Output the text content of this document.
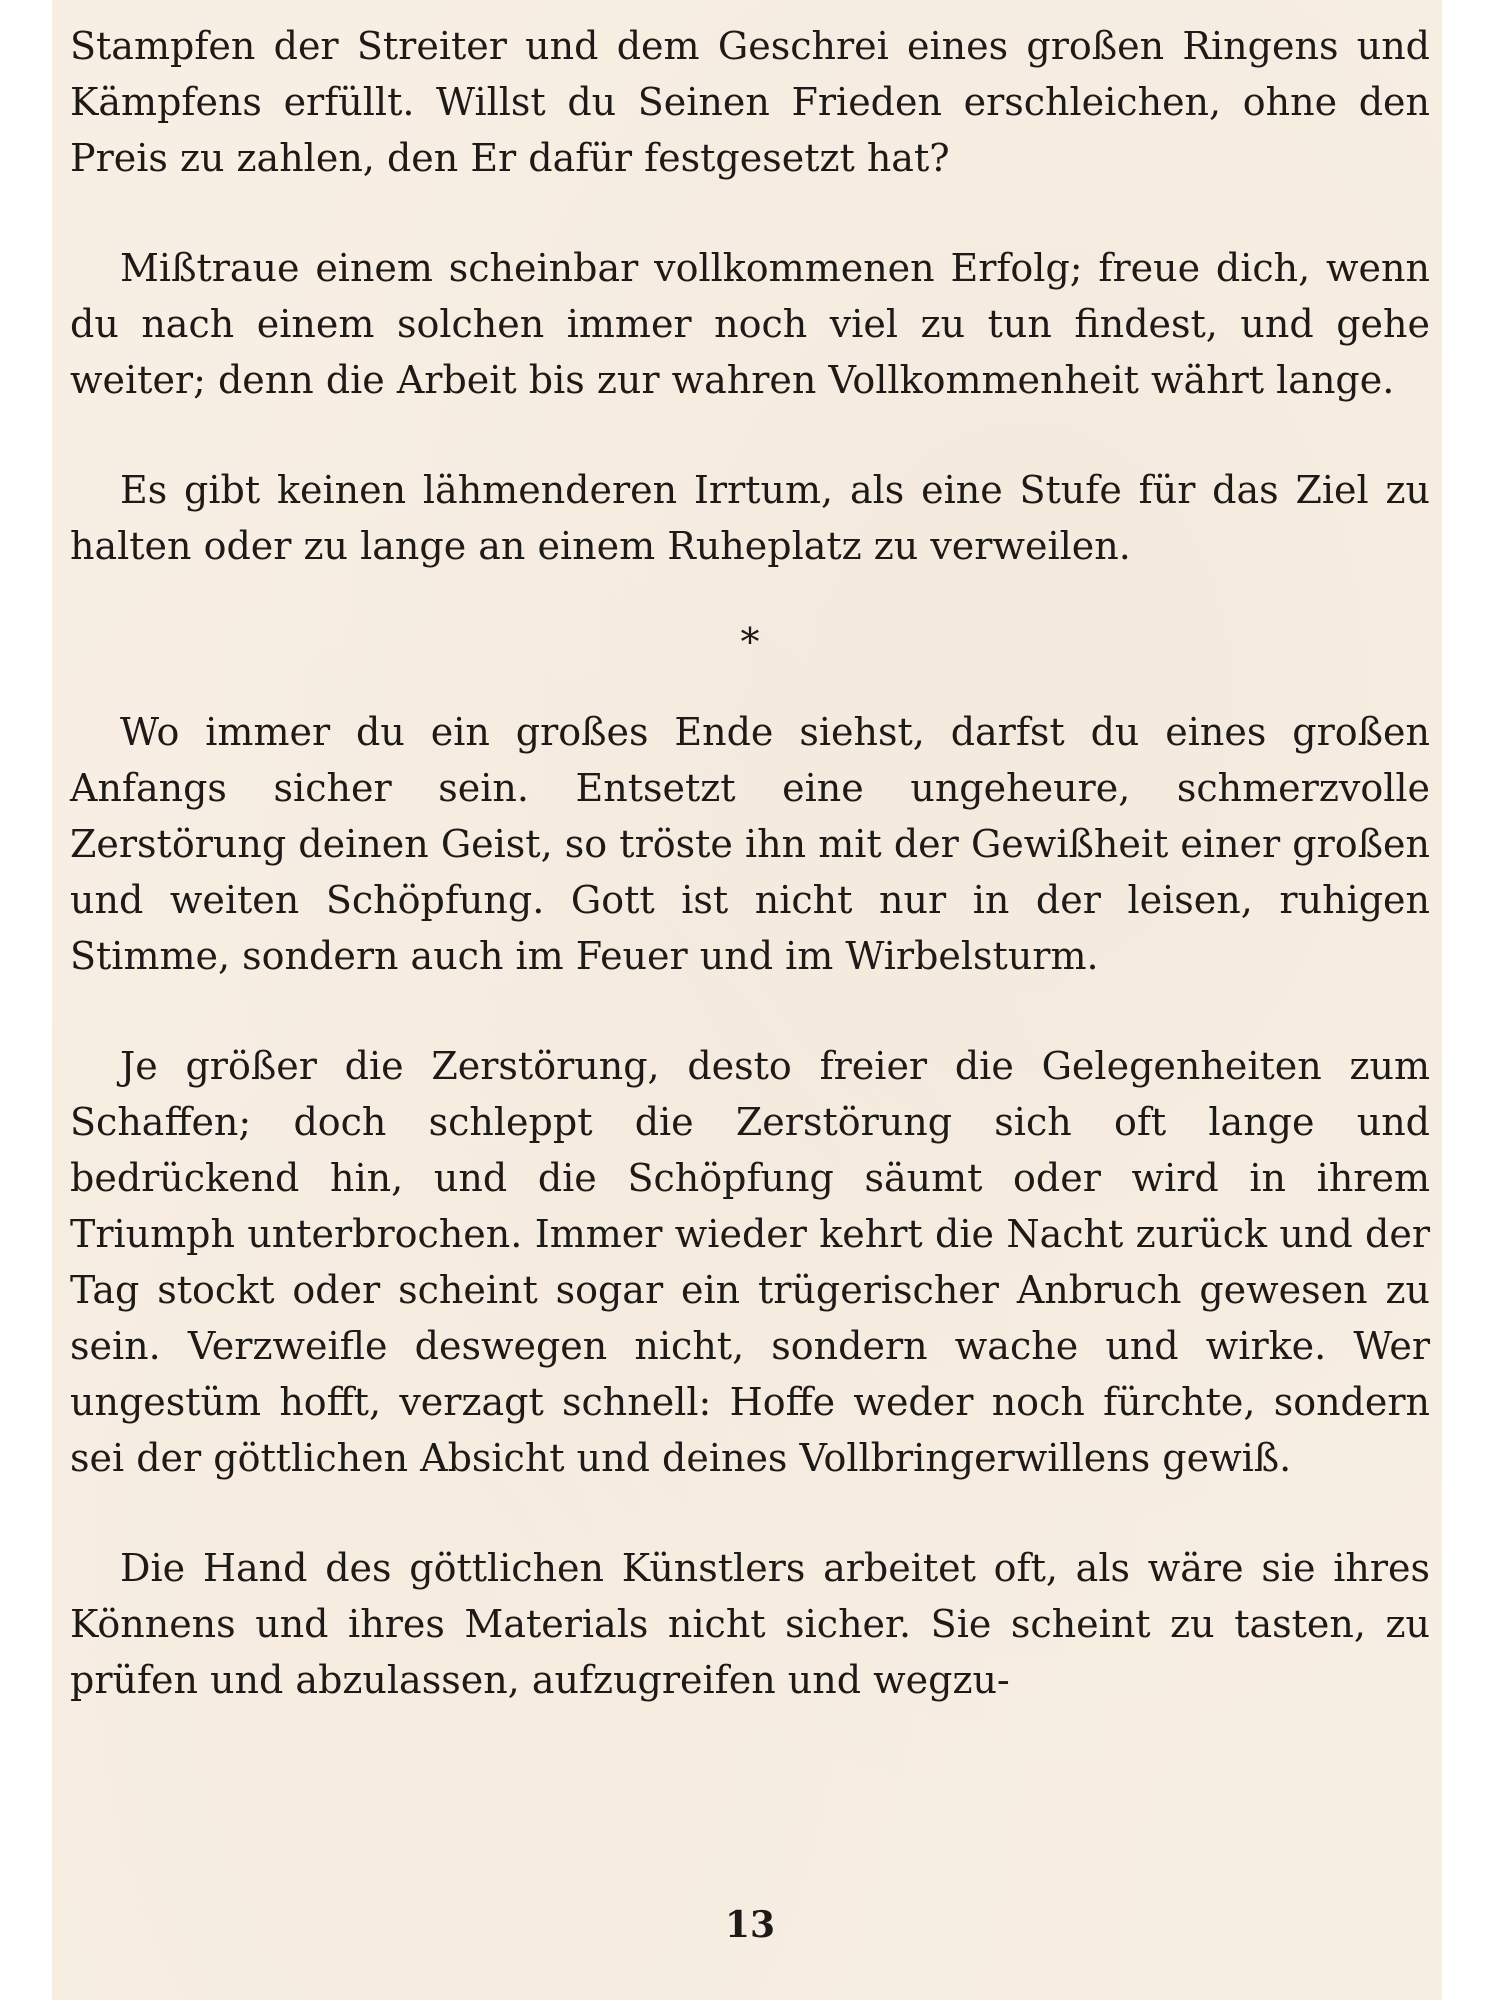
Stampfen der Streiter und dem Geschrei eines großen Ringens und Kämpfens erfüllt. Willst du Seinen Frieden erschleichen, ohne den Preis zu zahlen, den Er dafür festgesetzt hat?

Mißtraue einem scheinbar vollkommenen Erfolg; freue dich, wenn du nach einem solchen immer noch viel zu tun findest, und gehe weiter; denn die Arbeit bis zur wahren Vollkommenheit währt lange.

Es gibt keinen lähmenderen Irrtum, als eine Stufe für das Ziel zu halten oder zu lange an einem Ruheplatz zu verweilen.

*

Wo immer du ein großes Ende siehst, darfst du eines großen Anfangs sicher sein. Entsetzt eine ungeheure, schmerzvolle Zerstörung deinen Geist, so tröste ihn mit der Gewißheit einer großen und weiten Schöpfung. Gott ist nicht nur in der leisen, ruhigen Stimme, sondern auch im Feuer und im Wirbelsturm.

Je größer die Zerstörung, desto freier die Gelegenheiten zum Schaffen; doch schleppt die Zerstörung sich oft lange und bedrückend hin, und die Schöpfung säumt oder wird in ihrem Triumph unterbrochen. Immer wieder kehrt die Nacht zurück und der Tag stockt oder scheint sogar ein trügerischer Anbruch gewesen zu sein. Verzweifle deswegen nicht, sondern wache und wirke. Wer ungestüm hofft, verzagt schnell: Hoffe weder noch fürchte, sondern sei der göttlichen Absicht und deines Vollbringerwillens gewiß.

Die Hand des göttlichen Künstlers arbeitet oft, als wäre sie ihres Könnens und ihres Materials nicht sicher. Sie scheint zu tasten, zu prüfen und abzulassen, aufzugreifen und wegzu-

13
